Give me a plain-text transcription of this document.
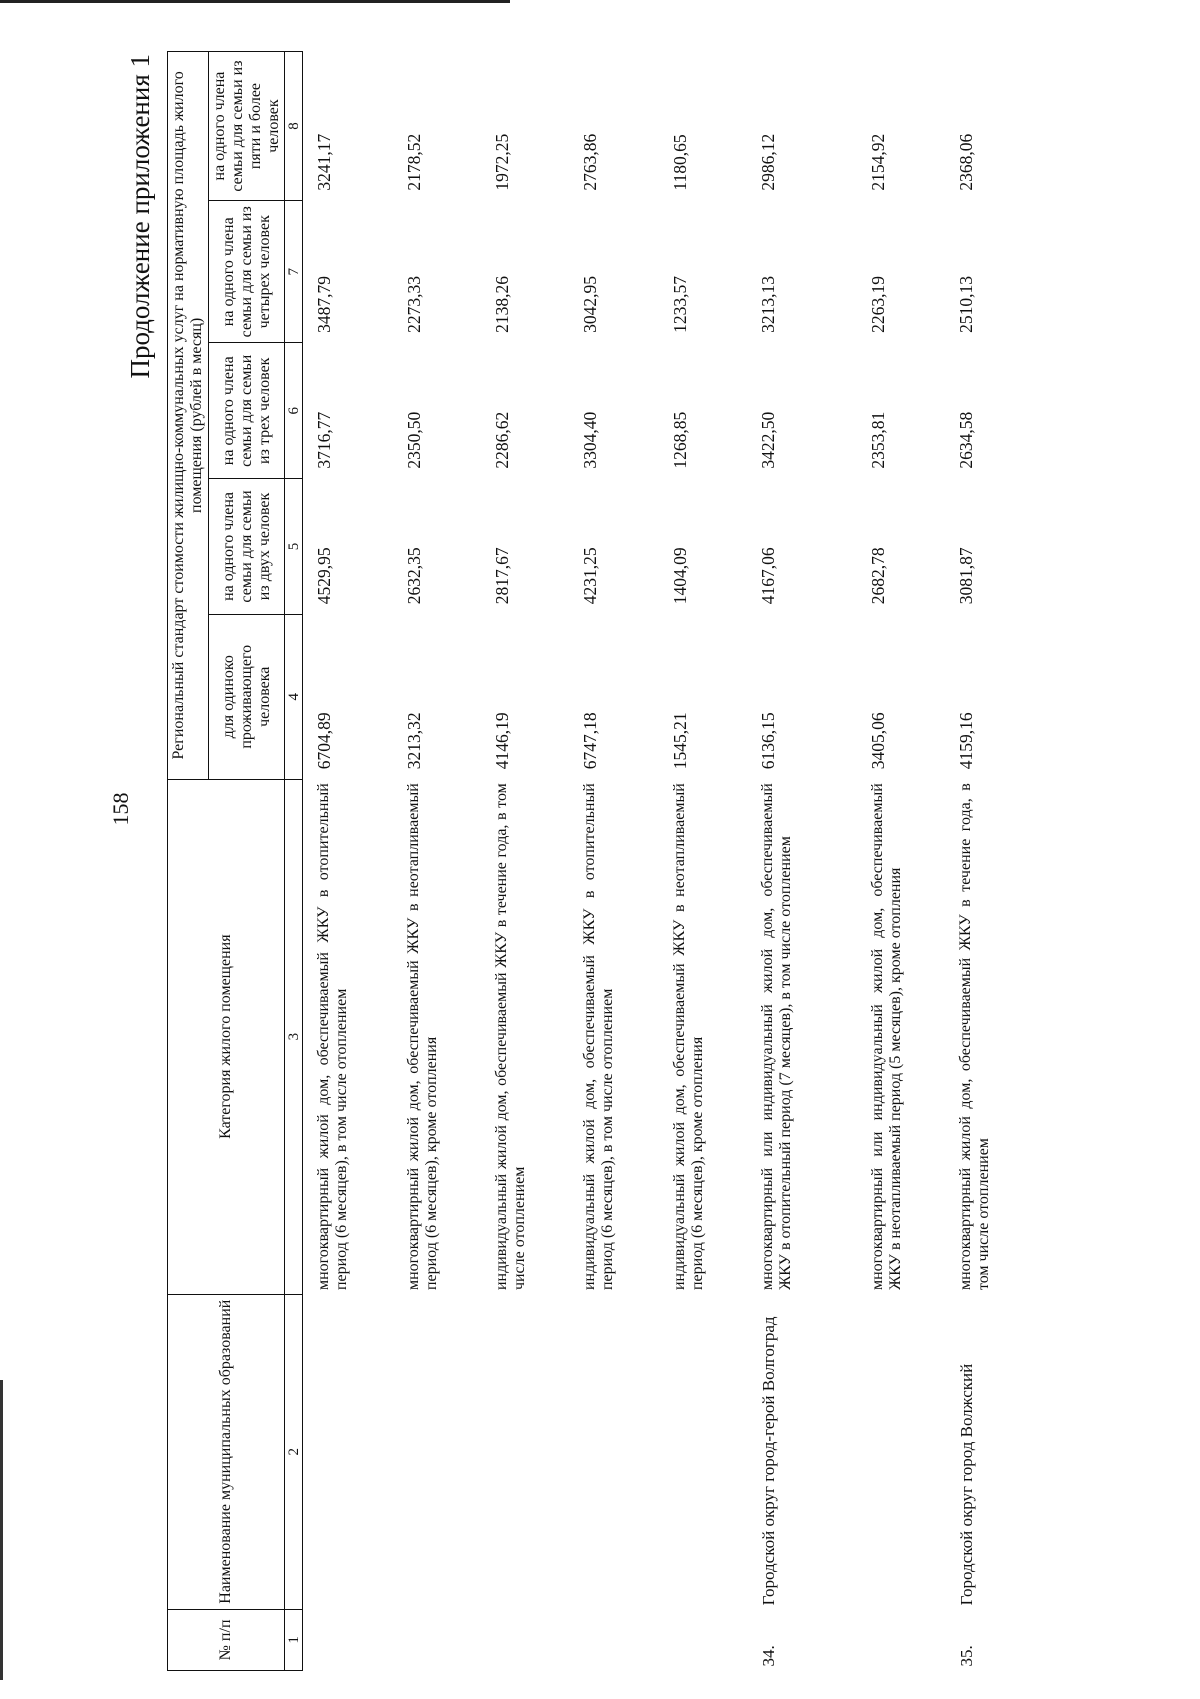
158
Продолжение приложения 1
№ п/п	Наименование муниципальных образований	Категория жилого помещения	Региональный стандарт стоимости жилищно-коммунальных услуг на нормативную площадь жилого помещения (рублей в месяц)				
			для одиноко проживающего человека	на одного члена семьи для семьи из двух человек	на одного члена семьи для семьи из трех человек	на одного члена семьи для семьи из четырех человек	на одного члена семьи для семьи из пяти и более человек
1	2	3	4	5	6	7	8

		многоквартирный жилой дом, обеспечиваемый ЖКУ в отопительный период (6 месяцев), в том числе отоплением	6704,89	4529,95	3716,77	3487,79	3241,17
		многоквартирный жилой дом, обеспечиваемый ЖКУ в неотапливаемый период (6 месяцев), кроме отопления	3213,32	2632,35	2350,50	2273,33	2178,52
		индивидуальный жилой дом, обеспечиваемый ЖКУ в течение года, в том числе отоплением	4146,19	2817,67	2286,62	2138,26	1972,25
		индивидуальный жилой дом, обеспечиваемый ЖКУ в отопительный период (6 месяцев), в том числе отоплением	6747,18	4231,25	3304,40	3042,95	2763,86
		индивидуальный жилой дом, обеспечиваемый ЖКУ в неотапливаемый период (6 месяцев), кроме отопления	1545,21	1404,09	1268,85	1233,57	1180,65
34.	Городской округ город-герой Волгоград	многоквартирный или индивидуальный жилой дом, обеспечиваемый ЖКУ в отопительный период (7 месяцев), в том числе отоплением	6136,15	4167,06	3422,50	3213,13	2986,12
		многоквартирный или индивидуальный жилой дом, обеспечиваемый ЖКУ в неотапливаемый период (5 месяцев), кроме отопления	3405,06	2682,78	2353,81	2263,19	2154,92
35.	Городской округ город Волжский	многоквартирный жилой дом, обеспечиваемый ЖКУ в течение года, в том числе отоплением	4159,16	3081,87	2634,58	2510,13	2368,06
